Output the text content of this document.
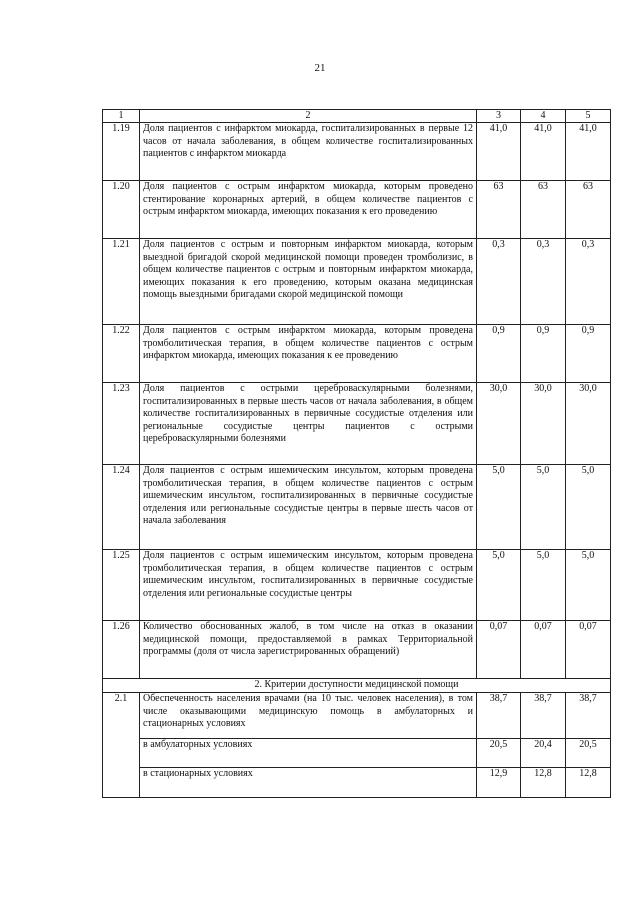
21
1	2	3	4	5
1.19	Доля пациентов с инфарктом миокарда, госпитализированных в первые 12 часов от начала заболевания, в общем количестве госпитализированных пациентов с инфарктом миокарда	41,0	41,0	41,0
1.20	Доля пациентов с острым инфарктом миокарда, которым проведено стентирование коронарных артерий, в общем количестве пациентов с острым инфарктом миокарда, имеющих показания к его проведению	63	63	63
1.21	Доля пациентов с острым и повторным инфарктом миокарда, которым выездной бригадой скорой медицинской помощи проведен тромболизис, в общем количестве пациентов с острым и повторным инфарктом миокарда, имеющих показания к его проведению, которым оказана медицинская помощь выездными бригадами скорой медицинской помощи	0,3	0,3	0,3
1.22	Доля пациентов с острым инфарктом миокарда, которым проведена тромболитическая терапия, в общем количестве пациентов с острым инфарктом миокарда, имеющих показания к ее проведению	0,9	0,9	0,9
1.23	Доля пациентов с острыми цереброваскулярными болезнями, госпитализированных в первые шесть часов от начала заболевания, в общем количестве госпитализированных в первичные сосудистые отделения или региональные сосудистые центры пациентов с острыми цереброваскулярными болезнями	30,0	30,0	30,0
1.24	Доля пациентов с острым ишемическим инсультом, которым проведена тромболитическая терапия, в общем количестве пациентов с острым ишемическим инсультом, госпитализированных в первичные сосудистые отделения или региональные сосудистые центры в первые шесть часов от начала заболевания	5,0	5,0	5,0
1.25	Доля пациентов с острым ишемическим инсультом, которым проведена тромболитическая терапия, в общем количестве пациентов с острым ишемическим инсультом, госпитализированных в первичные сосудистые отделения или региональные сосудистые центры	5,0	5,0	5,0
1.26	Количество обоснованных жалоб, в том числе на отказ в оказании медицинской помощи, предоставляемой в рамках Территориальной программы (доля от числа зарегистрированных обращений)	0,07	0,07	0,07
2. Критерии доступности медицинской помощи				
2.1	Обеспеченность населения врачами (на 10 тыс. человек населения), в том числе оказывающими медицинскую помощь в амбулаторных и стационарных условиях	38,7	38,7	38,7
	в амбулаторных условиях	20,5	20,4	20,5
	в стационарных условиях	12,9	12,8	12,8
